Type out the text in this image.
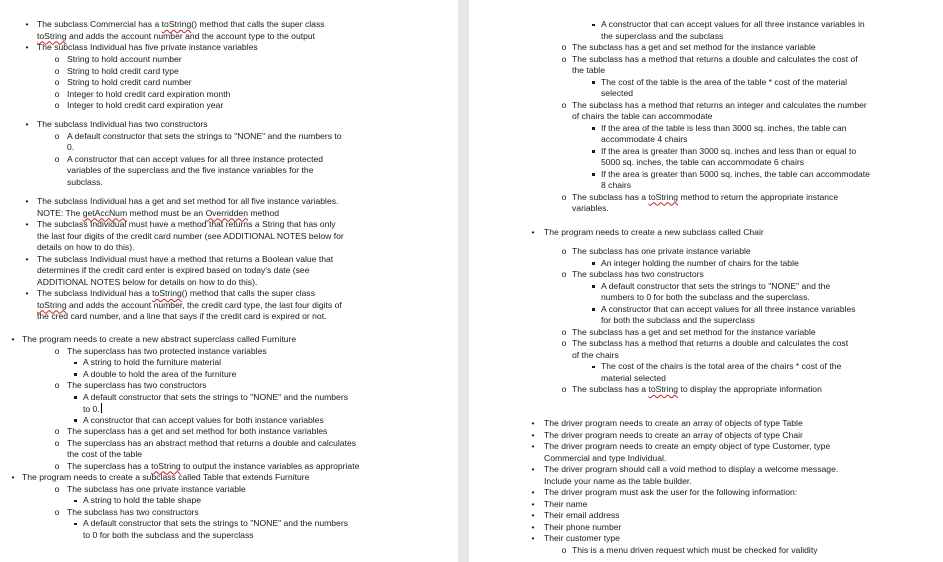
• The subclass Commercial has a toString() method that calls the super class
toString and adds the account number and the account type to the output
• The subclass Individual has five private instance variables
o String to hold account number
o String to hold credit card type
o String to hold credit card number
o Integer to hold credit card expiration month
o Integer to hold credit card expiration year
• The subclass Individual has two constructors
o A default constructor that sets the strings to "NONE" and the numbers to
0.
o A constructor that can accept values for all three instance protected
variables of the superclass and the five instance variables for the
subclass.
• The subclass Individual has a get and set method for all five instance variables.
NOTE: The getAccNum method must be an Overridden method
• The subclass Individual must have a method that returns a String that has only
the last four digits of the credit card number (see ADDITIONAL NOTES below for
details on how to do this).
• The subclass Individual must have a method that returns a Boolean value that
determines if the credit card enter is expired based on today's date (see
ADDITIONAL NOTES below for details on how to do this).
• The subclass Individual has a toString() method that calls the super class
toString and adds the account number, the credit card type, the last four digits of
the cred card number, and a line that says if the credit card is expired or not.
• The program needs to create a new abstract superclass called Furniture
o The superclass has two protected instance variables
A string to hold the furniture material
A double to hold the area of the furniture
o The superclass has two constructors
A default constructor that sets the strings to "NONE" and the numbers
to 0.
A constructor that can accept values for both instance variables
o The superclass has a get and set method for both instance variables
o The superclass has an abstract method that returns a double and calculates
the cost of the table
o The superclass has a toString to output the instance variables as appropriate
• The program needs to create a subclass called Table that extends Furniture
o The subclass has one private instance variable
A string to hold the table shape
o The subclass has two constructors
A default constructor that sets the strings to "NONE" and the numbers
to 0 for both the subclass and the superclass
A constructor that can accept values for all three instance variables in
the superclass and the subclass
o The subclass has a get and set method for the instance variable
o The subclass has a method that returns a double and calculates the cost of
the table
The cost of the table is the area of the table * cost of the material
selected
o The subclass has a method that returns an integer and calculates the number
of chairs the table can accommodate
If the area of the table is less than 3000 sq. inches, the table can
accommodate 4 chairs
If the area is greater than 3000 sq. inches and less than or equal to
5000 sq. inches, the table can accommodate 6 chairs
If the area is greater than 5000 sq. inches, the table can accommodate
8 chairs
o The subclass has a toString method to return the appropriate instance
variables.
• The program needs to create a new subclass called Chair
o The subclass has one private instance variable
An integer holding the number of chairs for the table
o The subclass has two constructors
A default constructor that sets the strings to "NONE" and the
numbers to 0 for both the subclass and the superclass.
A constructor that can accept values for all three instance variables
for both the subclass and the superclass
o The subclass has a get and set method for the instance variable
o The subclass has a method that returns a double and calculates the cost
of the chairs
The cost of the chairs is the total area of the chairs * cost of the
material selected
o The subclass has a toString to display the appropriate information
• The driver program needs to create an array of objects of type Table
• The driver program needs to create an array of objects of type Chair
• The driver program needs to create an empty object of type Customer, type
Commercial and type Individual.
• The driver program should call a void method to display a welcome message.
Include your name as the table builder.
• The driver program must ask the user for the following information:
• Their name
• Their email address
• Their phone number
• Their customer type
o This is a menu driven request which must be checked for validity
